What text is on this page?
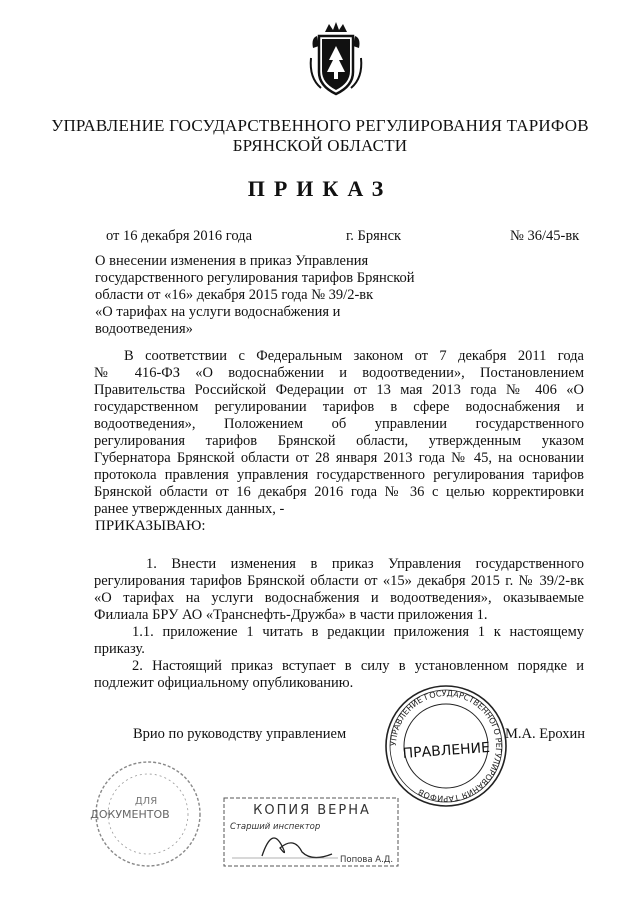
УПРАВЛЕНИЕ ГОСУДАРСТВЕННОГО РЕГУЛИРОВАНИЯ ТАРИФОВ
БРЯНСКОЙ ОБЛАСТИ
ПРИКАЗ
от 16 декабря 2016 года	г. Брянск	№ 36/45-вк
О внесении изменения в приказ Управления
государственного регулирования тарифов Брянской
области от «16» декабря 2015 года № 39/2-вк
«О тарифах на услуги водоснабжения и
водоотведения»
В соответствии с Федеральным законом от 7 декабря 2011 года
№ 416-ФЗ «О водоснабжении и водоотведении», Постановлением
Правительства Российской Федерации от 13 мая 2013 года № 406 «О
государственном регулировании тарифов в сфере водоснабжения и
водоотведения», Положением об управлении государственного
регулирования тарифов Брянской области, утвержденным указом
Губернатора Брянской области от 28 января 2013 года № 45, на основании
протокола правления управления государственного регулирования тарифов
Брянской области от 16 декабря 2016 года № 36 с целью корректировки
ранее утвержденных данных, -
ПРИКАЗЫВАЮ:
1. Внести изменения в приказ Управления государственного
регулирования тарифов Брянской области от «15» декабря 2015 г. № 39/2-вк
«О тарифах на услуги водоснабжения и водоотведения», оказываемые
Филиала БРУ АО «Транснефть-Дружба» в части приложения 1.
1.1. приложение 1 читать в редакции приложения 1 к настоящему
приказу.
2. Настоящий приказ вступает в силу в установленном порядке и
подлежит официальному опубликованию.
УПРАВЛЕНИЕ ГОСУДАРСТВЕННОГО РЕГУЛИРОВАНИЯ ТАРИФОВ
ПРАВЛЕНИЕ
Врио по руководству управлением	М.А. Ерохин
ДЛЯ
ДОКУМЕНТОВ	КОПИЯ ВЕРНА
Старший инспектор
Попова А.Д.
